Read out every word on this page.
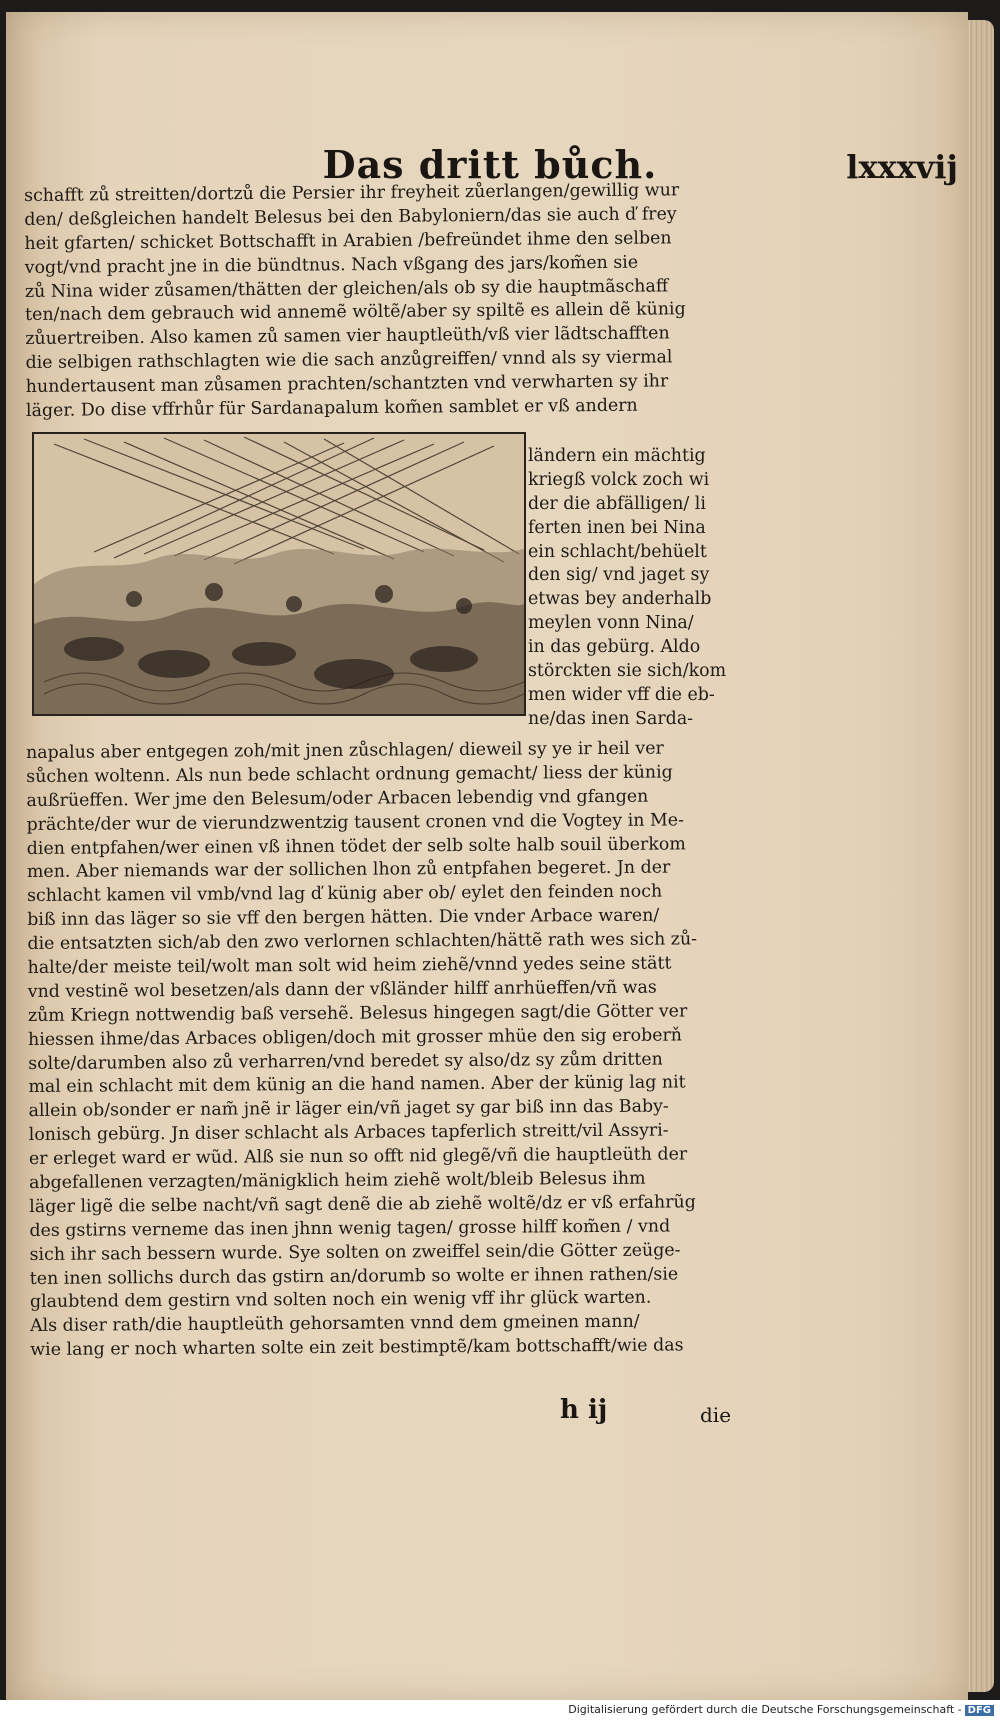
Das dritt bůch.	lxxxvij
schafft zů streitten/dortzů die Persier ihr freyheit zůerlangen/gewillig wur
den/ deßgleichen handelt Belesus bei den Babyloniern/das sie auch ď frey
heit gfarten/ schicket Bottschafft in Arabien /befreündet ihme den selben
vogt/vnd pracht jne in die bündtnus. Nach vßgang des jars/kom̃en sie
zů Nina wider zůsamen/thätten der gleichen/als ob sy die hauptmãschaff
ten/nach dem gebrauch wid annemẽ wöltẽ/aber sy spiltẽ es allein dẽ künig
zůuertreiben. Also kamen zů samen vier hauptleüth/vß vier lãdtschafften
die selbigen rathschlagten wie die sach anzůgreiffen/ vnnd als sy viermal
hundertausent man zůsamen prachten/schantzten vnd verwharten sy ihr
läger. Do dise vffrhůr für Sardanapalum kom̃en samblet er vß andern
ländern ein mächtig
kriegß volck zoch wi
der die abfälligen/ li
ferten inen bei Nina
ein schlacht/behüelt
den sig/ vnd jaget sy
etwas bey anderhalb
meylen vonn Nina/
in das gebürg. Aldo
störckten sie sich/kom
men wider vff die eb-
ne/das inen Sarda-
napalus aber entgegen zoh/mit jnen zůschlagen/ dieweil sy ye ir heil ver
sůchen woltenn. Als nun bede schlacht ordnung gemacht/ liess der künig
außrüeffen. Wer jme den Belesum/oder Arbacen lebendig vnd gfangen
prächte/der wur de vierundzwentzig tausent cronen vnd die Vogtey in Me-
dien entpfahen/wer einen vß ihnen tödet der selb solte halb souil überkom
men. Aber niemands war der sollichen lhon zů entpfahen begeret. Jn der
schlacht kamen vil vmb/vnd lag ď künig aber ob/ eylet den feinden noch
biß inn das läger so sie vff den bergen hätten. Die vnder Arbace waren/
die entsatzten sich/ab den zwo verlornen schlachten/hättẽ rath wes sich zů-
halte/der meiste teil/wolt man solt wid heim ziehẽ/vnnd yedes seine stätt
vnd vestinẽ wol besetzen/als dann der vßländer hilff anrhüeffen/vñ was
zům Kriegn nottwendig baß versehẽ. Belesus hingegen sagt/die Götter ver
hiessen ihme/das Arbaces obligen/doch mit grosser mhüe den sig eroberň
solte/darumben also zů verharren/vnd beredet sy also/dz sy zům dritten
mal ein schlacht mit dem künig an die hand namen. Aber der künig lag nit
allein ob/sonder er nam̃ jnẽ ir läger ein/vñ jaget sy gar biß inn das Baby-
lonisch gebürg. Jn diser schlacht als Arbaces tapferlich streitt/vil Assyri-
er erleget ward er wũd. Alß sie nun so offt nid glegẽ/vñ die hauptleüth der
abgefallenen verzagten/mänigklich heim ziehẽ wolt/bleib Belesus ihm
läger ligẽ die selbe nacht/vñ sagt denẽ die ab ziehẽ woltẽ/dz er vß erfahrũg
des gstirns verneme das inen jhnn wenig tagen/ grosse hilff kom̃en / vnd
sich ihr sach bessern wurde. Sye solten on zweiffel sein/die Götter zeüge-
ten inen sollichs durch das gstirn an/dorumb so wolte er ihnen rathen/sie
glaubtend dem gestirn vnd solten noch ein wenig vff ihr glück warten.
Als diser rath/die hauptleüth gehorsamten vnnd dem gmeinen mann/
wie lang er noch wharten solte ein zeit bestimptẽ/kam bottschafft/wie das
h ij	die
Digitalisierung gefördert durch die Deutsche Forschungsgemeinschaft - DFG
